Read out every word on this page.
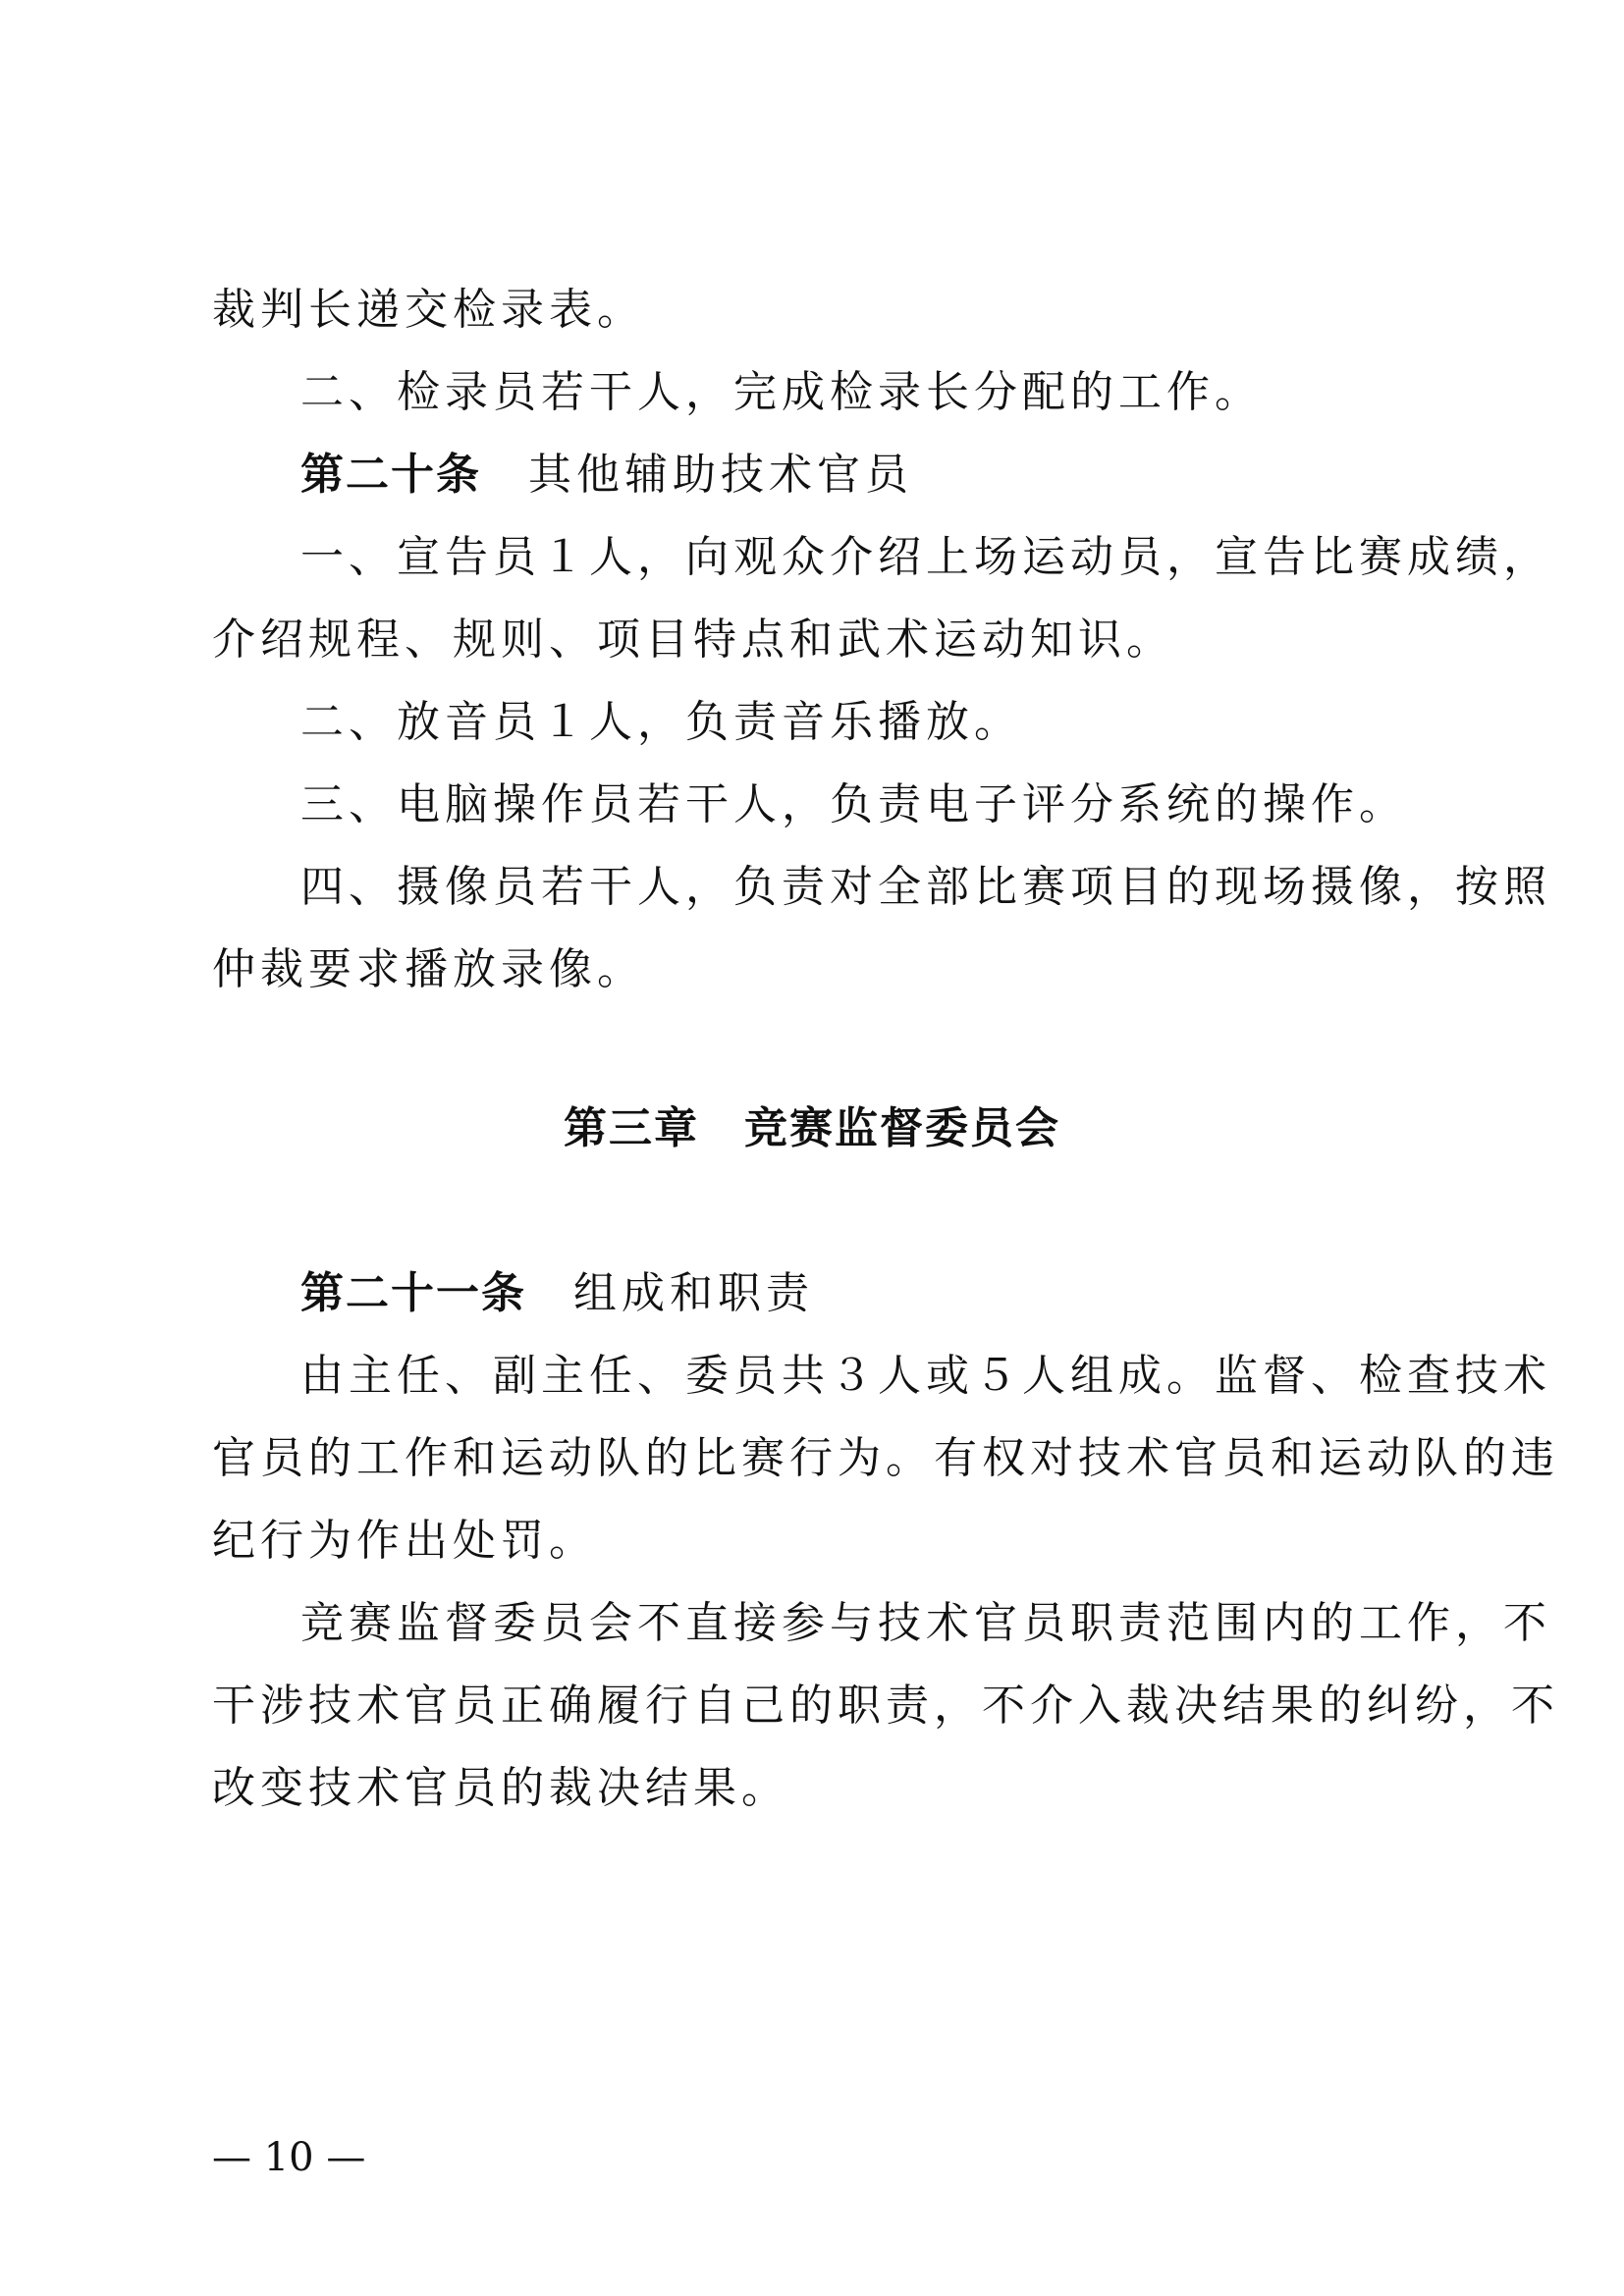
裁判长递交检录表。

二、检录员若干人，完成检录长分配的工作。

第二十条 其他辅助技术官员

一、宣告员１人，向观众介绍上场运动员，宣告比赛成绩，

介绍规程、规则、项目特点和武术运动知识。

二、放音员１人，负责音乐播放。

三、电脑操作员若干人，负责电子评分系统的操作。

四、摄像员若干人，负责对全部比赛项目的现场摄像，按照

仲裁要求播放录像。

第三章 竞赛监督委员会

第二十一条 组成和职责

由主任、副主任、委员共３人或５人组成。监督、检查技术

官员的工作和运动队的比赛行为。有权对技术官员和运动队的违

纪行为作出处罚。

竞赛监督委员会不直接参与技术官员职责范围内的工作，不

干涉技术官员正确履行自己的职责，不介入裁决结果的纠纷，不

改变技术官员的裁决结果。

— 10 —
